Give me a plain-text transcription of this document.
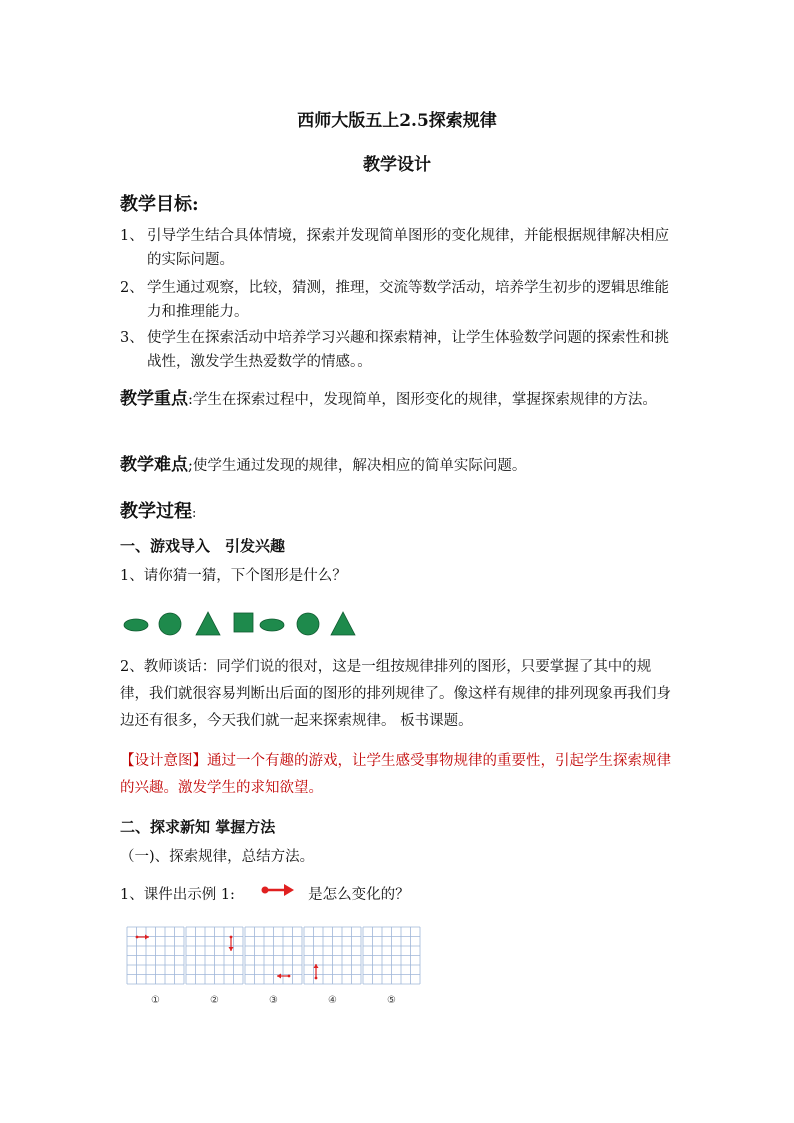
西师大版五上2.5探索规律
教学设计
教学目标:
1、 引导学生结合具体情境，探索并发现简单图形的变化规律，并能根据规律解决相应的实际问题。
2、 学生通过观察，比较，猜测，推理，交流等数学活动，培养学生初步的逻辑思维能力和推理能力。
3、 使学生在探索活动中培养学习兴趣和探索精神，让学生体验数学问题的探索性和挑战性，激发学生热爱数学的情感。。
教学重点:学生在探索过程中，发现简单，图形变化的规律，掌握探索规律的方法。
教学难点;使学生通过发现的规律，解决相应的简单实际问题。
教学过程:
一、游戏导入　引发兴趣
1、请你猜一猜，下个图形是什么？
2、教师谈话：同学们说的很对，这是一组按规律排列的图形，只要掌握了其中的规律，我们就很容易判断出后面的图形的排列规律了。像这样有规律的排列现象再我们身边还有很多，今天我们就一起来探索规律。 板书课题。
【设计意图】通过一个有趣的游戏，让学生感受事物规律的重要性，引起学生探索规律的兴趣。激发学生的求知欲望。
二、探求新知 掌握方法
（一)、探索规律，总结方法。
1、课件出示例 1:	是怎么变化的？
①	②	③	④	⑤
